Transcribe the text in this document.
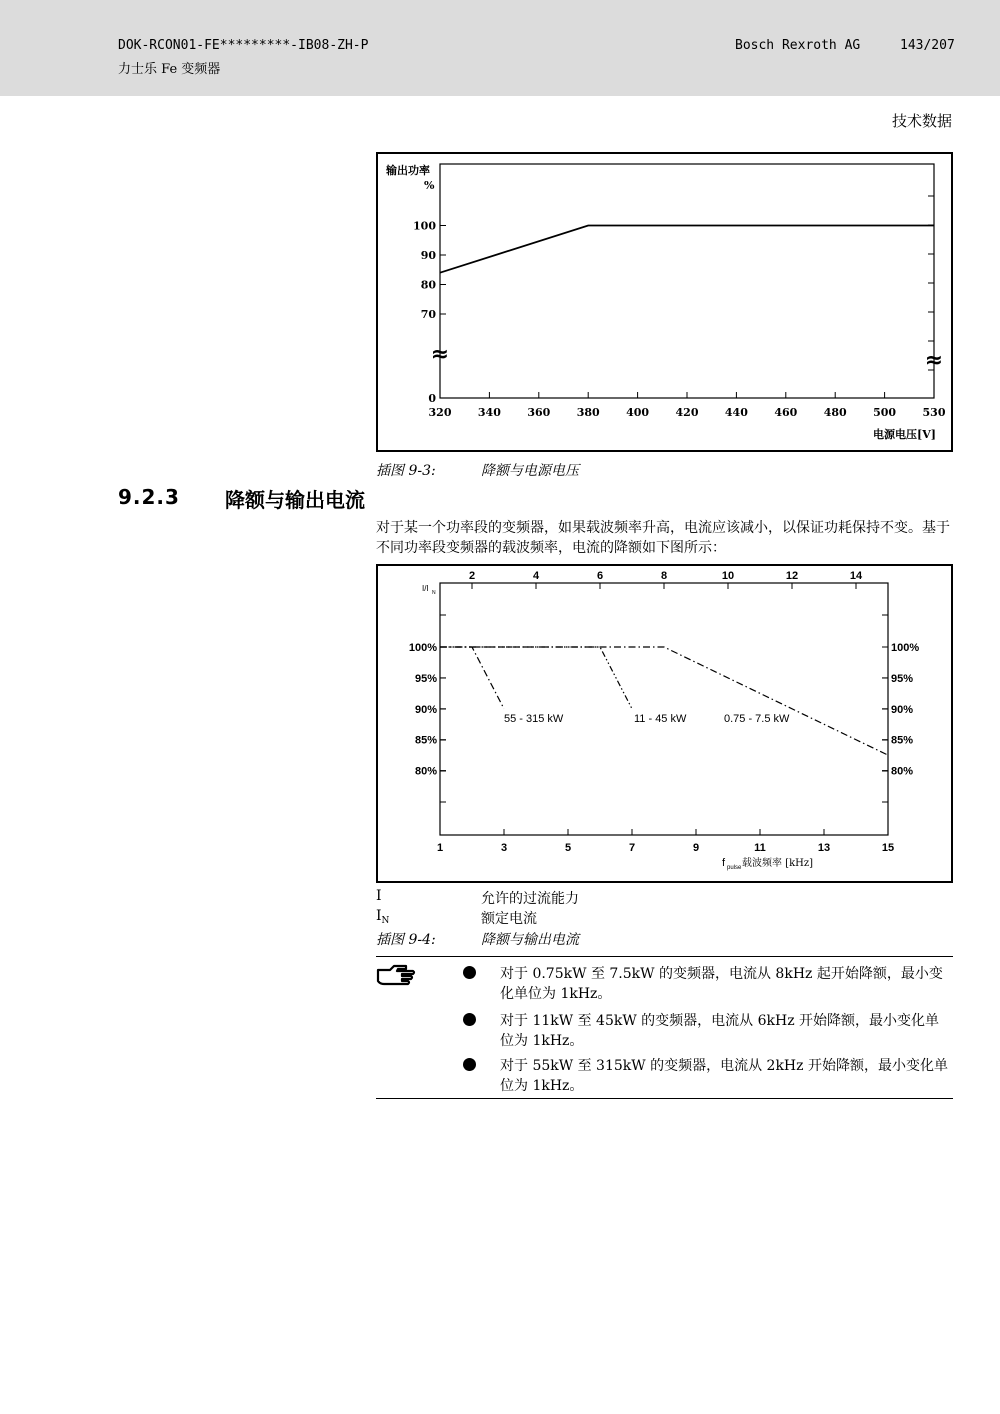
DOK-RCON01-FE*********-IB08-ZH-P
力士乐 Fe 变频器
Bosch Rexroth AG	143/207
技术数据
320 340 360 380 400 420 440 460 480 500 530
0
70
80
90
100
输出功率
%
电源电压[V]
≈	≈
插图 9-3:	降额与电源电压
9.2.3 降额与输出电流
对于某一个功率段的变频器，如果载波频率升高，电流应该减小，以保证功耗保持不变。基于不同功率段变频器的载波频率，电流的降额如下图所示：
1	3	5	7	9	11	13	15
2	4	6	8	10	12	14
100%	100%
95%	95%
90%	90%
85%	85%
80%	80%
I/I N
f pulse 载波频率 [kHz]
55 - 315 kW	11 - 45 kW	0.75 - 7.5 kW
I	允许的过流能力
$I_N$	额定电流
插图 9-4:	降额与输出电流
对于 0.75kW 至 7.5kW 的变频器，电流从 8kHz 起开始降额，最小变化单位为 1kHz。
对于 11kW 至 45kW 的变频器，电流从 6kHz 开始降额，最小变化单位为 1kHz。
对于 55kW 至 315kW 的变频器，电流从 2kHz 开始降额，最小变化单位为 1kHz。
